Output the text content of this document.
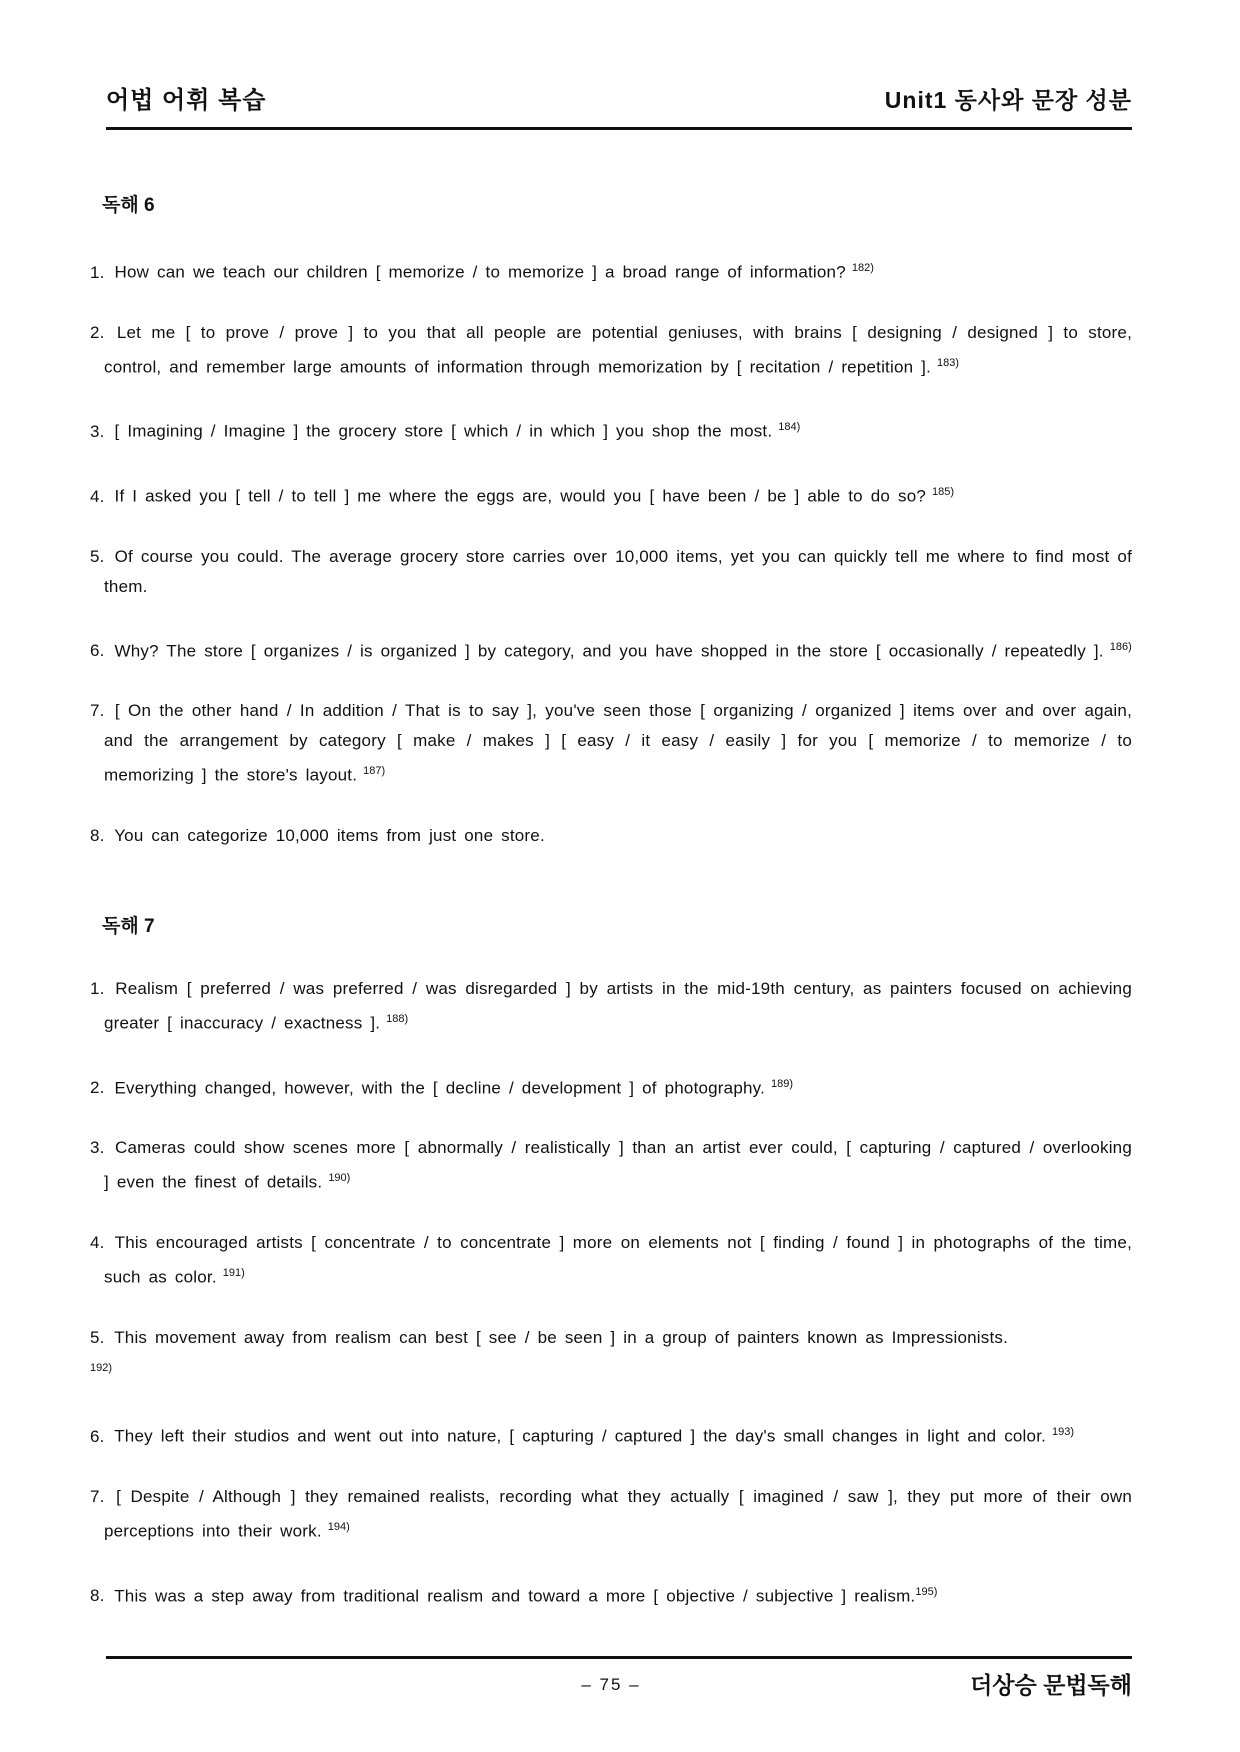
어법 어휘 복습	Unit1 동사와 문장 성분
독해 6
1. How can we teach our children [ memorize / to memorize ] a broad range of information? $^{182)}$
2. Let me [ to prove / prove ] to you that all people are potential geniuses, with brains [ designing / designed ] to store, control, and remember large amounts of information through memorization by [ recitation / repetition ]. $^{183)}$
3. [ Imagining / Imagine ] the grocery store [ which / in which ] you shop the most. $^{184)}$
4. If I asked you [ tell / to tell ] me where the eggs are, would you [ have been / be ] able to do so? $^{185)}$
5. Of course you could. The average grocery store carries over 10,000 items, yet you can quickly tell me where to find most of them.
6. Why? The store [ organizes / is organized ] by category, and you have shopped in the store [ occasionally / repeatedly ]. $^{186)}$
7. [ On the other hand / In addition / That is to say ], you've seen those [ organizing / organized ] items over and over again, and the arrangement by category [ make / makes ] [ easy / it easy / easily ] for you [ memorize / to memorize / to memorizing ] the store's layout. $^{187)}$
8. You can categorize 10,000 items from just one store.
독해 7
1. Realism [ preferred / was preferred / was disregarded ] by artists in the mid-19th century, as painters focused on achieving greater [ inaccuracy / exactness ]. $^{188)}$
2. Everything changed, however, with the [ decline / development ] of photography. $^{189)}$
3. Cameras could show scenes more [ abnormally / realistically ] than an artist ever could, [ capturing / captured / overlooking ] even the finest of details. $^{190)}$
4. This encouraged artists [ concentrate / to concentrate ] more on elements not [ finding / found ] in photographs of the time, such as color. $^{191)}$
5. This movement away from realism can best [ see / be seen ] in a group of painters known as Impressionists.
$^{192)}$
6. They left their studios and went out into nature, [ capturing / captured ] the day's small changes in light and color. $^{193)}$
7. [ Despite / Although ] they remained realists, recording what they actually [ imagined / saw ], they put more of their own perceptions into their work. $^{194)}$
8. This was a step away from traditional realism and toward a more [ objective / subjective ] realism.$^{195)}$
– 75 –	더상승 문법독해
